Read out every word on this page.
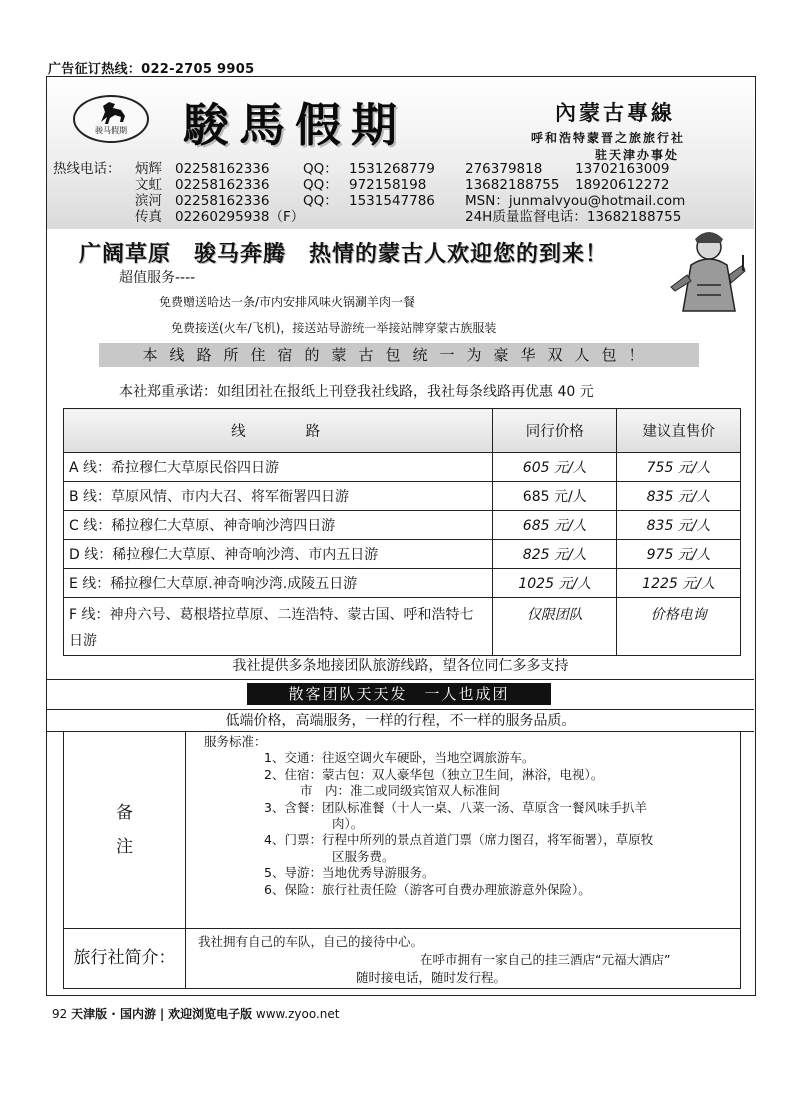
广告征订热线：022-2705 9905
骏马假期	駿馬假期	內蒙古專線
呼和浩特蒙晋之旅旅行社
驻天津办事处
热线电话： 炳辉 02258162336 QQ： 1531268779 276379818 13702163009
文虹 02258162336 QQ： 972158198	13682188755 18920612272
滨河 02258162336 QQ： 1531547786 MSN：junmalvyou@hotmail.com
传真 02260295938（F）	24H质量监督电话：13682188755
广阔草原　骏马奔腾　热情的蒙古人欢迎您的到来！
超值服务----
免费赠送哈达一条/市内安排风味火锅涮羊肉一餐
免费接送(火车/飞机)，接送站导游统一举接站牌穿蒙古族服装
本线路所住宿的蒙古包统一为豪华双人包！
本社郑重承诺：如组团社在报纸上刊登我社线路，我社每条线路再优惠 40 元
线路	同行价格	建议直售价
A 线：希拉穆仁大草原民俗四日游	605 元/人	755 元/人
B 线：草原风情、市内大召、将军衙署四日游	685 元/人	835 元/人
C 线：稀拉穆仁大草原、神奇响沙湾四日游	685 元/人	835 元/人
D 线：稀拉穆仁大草原、神奇响沙湾、市内五日游	825 元/人	975 元/人
E 线：稀拉穆仁大草原.神奇响沙湾.成陵五日游	1025 元/人	1225 元/人
F 线：神舟六号、葛根塔拉草原、二连浩特、蒙古国、呼和浩特七日游	仅限团队	价格电询
我社提供多条地接团队旅游线路，望各位同仁多多支持
散客团队天天发　一人也成团
低端价格，高端服务，一样的行程，不一样的服务品质。
备
注
服务标准：
1、交通：往返空调火车硬卧，当地空调旅游车。
2、住宿：蒙古包：双人豪华包（独立卫生间，淋浴，电视）。
市　内：准二或同级宾馆双人标准间
3、含餐：团队标准餐（十人一桌、八菜一汤、草原含一餐风味手扒羊
肉）。
4、门票：行程中所列的景点首道门票（席力图召，将军衙署），草原牧
区服务费。
5、导游：当地优秀导游服务。
6、保险：旅行社责任险（游客可自费办理旅游意外保险）。
旅行社简介：
我社拥有自己的车队，自己的接待中心。
在呼市拥有一家自己的挂三酒店“元福大酒店”
随时接电话，随时发行程。
92 天津版 · 国内游 | 欢迎浏览电子版 www.zyoo.net
